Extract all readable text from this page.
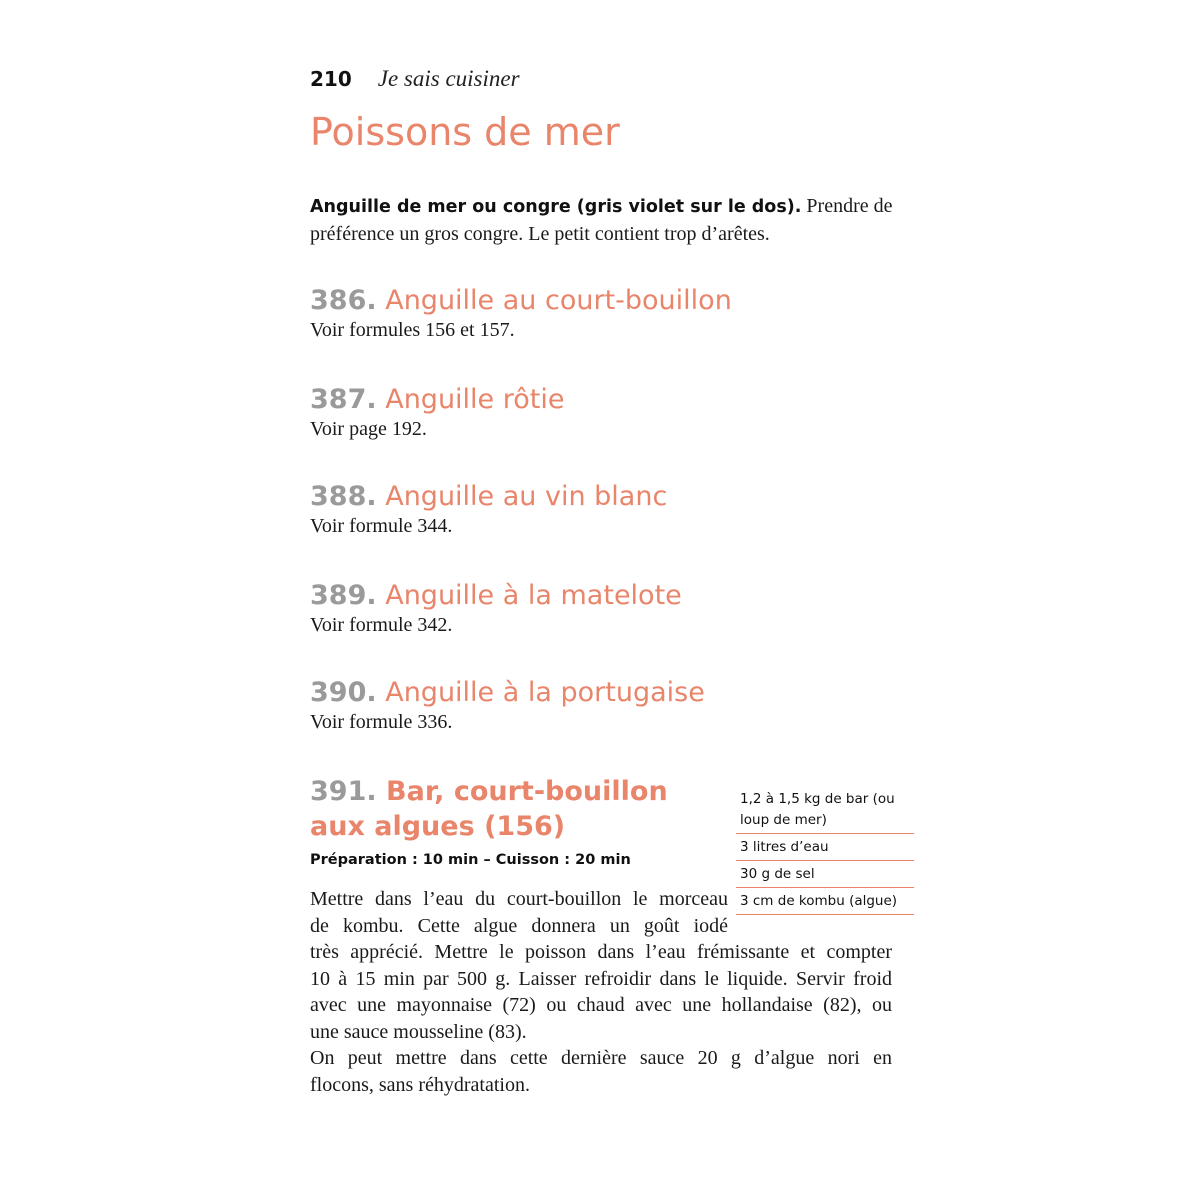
210 Je sais cuisiner
Poissons de mer

Anguille de mer ou congre (gris violet sur le dos). Prendre de préférence un gros congre. Le petit contient trop d’arêtes.

386. Anguille au court-bouillon

Voir formules 156 et 157.

387. Anguille rôtie

Voir page 192.

388. Anguille au vin blanc

Voir formule 344.

389. Anguille à la matelote

Voir formule 342.

390. Anguille à la portugaise

Voir formule 336.

391. Bar, court-bouillon
aux algues (156)
Préparation : 10 min – Cuisson : 20 min
1,2 à 1,5 kg de bar (ou loup de mer)
3 litres d’eau
30 g de sel
3 cm de kombu (algue)
Mettre dans l’eau du court-bouillon le morceau
de kombu. Cette algue donnera un goût iodé
très apprécié. Mettre le poisson dans l’eau frémissante et compter
10 à 15 min par 500 g. Laisser refroidir dans le liquide. Servir froid
avec une mayonnaise (72) ou chaud avec une hollandaise (82), ou
une sauce mousseline (83).
On peut mettre dans cette dernière sauce 20 g d’algue nori en
flocons, sans réhydratation.
